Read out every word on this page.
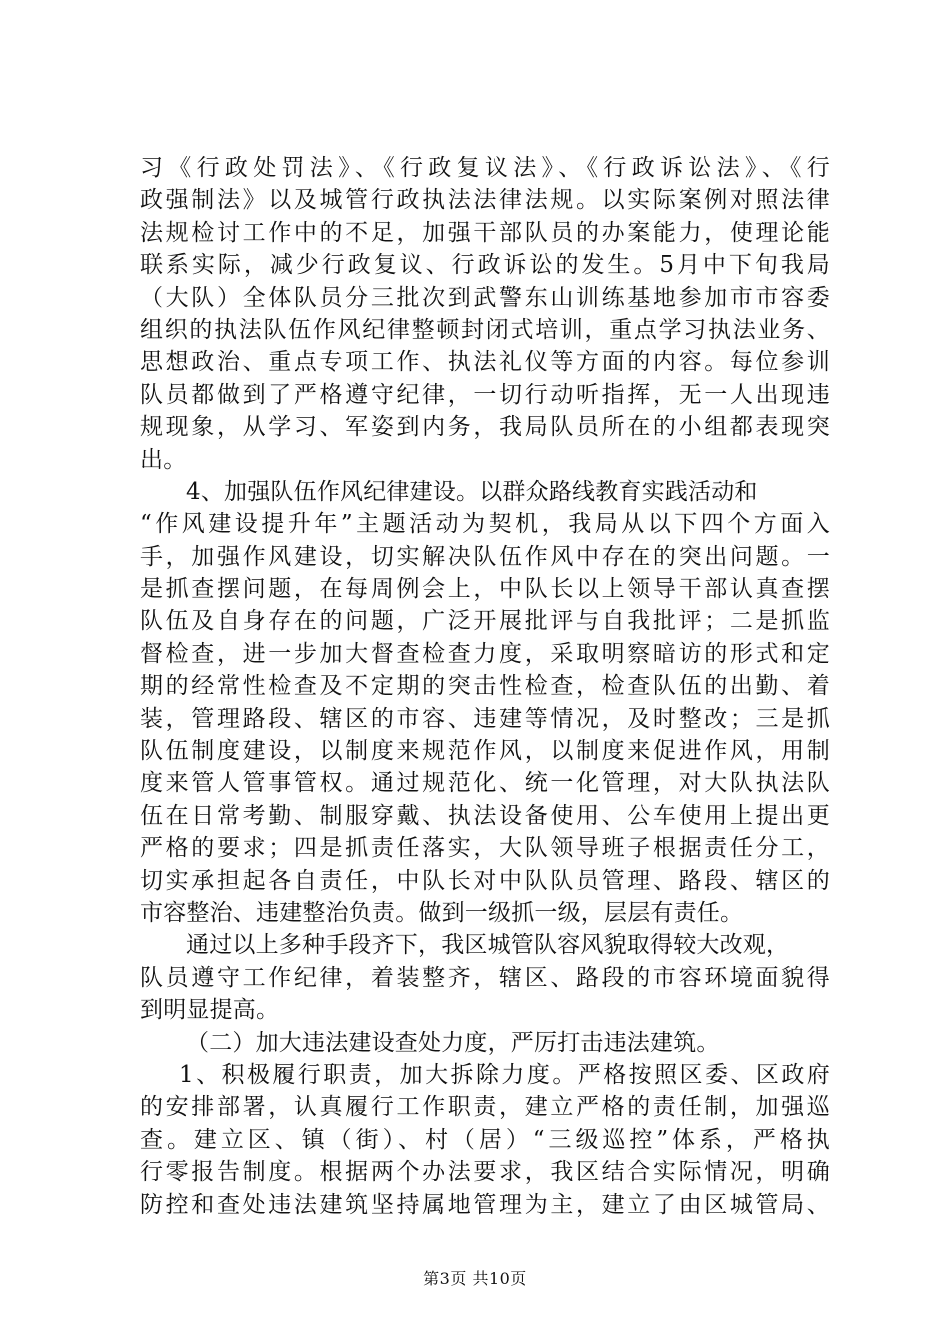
习《行政处罚法》、《行政复议法》、《行政诉讼法》、《行
政强制法》以及城管行政执法法律法规。以实际案例对照法律
法规检讨工作中的不足，加强干部队员的办案能力，使理论能
联系实际，减少行政复议、行政诉讼的发生。5月中下旬我局
（大队）全体队员分三批次到武警东山训练基地参加市市容委
组织的执法队伍作风纪律整顿封闭式培训，重点学习执法业务、
思想政治、重点专项工作、执法礼仪等方面的内容。每位参训
队员都做到了严格遵守纪律，一切行动听指挥，无一人出现违
规现象，从学习、军姿到内务，我局队员所在的小组都表现突
出。
4、加强队伍作风纪律建设。以群众路线教育实践活动和
“作风建设提升年”主题活动为契机，我局从以下四个方面入
手，加强作风建设，切实解决队伍作风中存在的突出问题。一
是抓查摆问题，在每周例会上，中队长以上领导干部认真查摆
队伍及自身存在的问题，广泛开展批评与自我批评；二是抓监
督检查，进一步加大督查检查力度，采取明察暗访的形式和定
期的经常性检查及不定期的突击性检查，检查队伍的出勤、着
装，管理路段、辖区的市容、违建等情况，及时整改；三是抓
队伍制度建设，以制度来规范作风，以制度来促进作风，用制
度来管人管事管权。通过规范化、统一化管理，对大队执法队
伍在日常考勤、制服穿戴、执法设备使用、公车使用上提出更
严格的要求；四是抓责任落实，大队领导班子根据责任分工，
切实承担起各自责任，中队长对中队队员管理、路段、辖区的
市容整治、违建整治负责。做到一级抓一级，层层有责任。
通过以上多种手段齐下，我区城管队容风貌取得较大改观，
队员遵守工作纪律，着装整齐，辖区、路段的市容环境面貌得
到明显提高。
（二）加大违法建设查处力度，严厉打击违法建筑。
1、积极履行职责，加大拆除力度。严格按照区委、区政府
的安排部署，认真履行工作职责，建立严格的责任制，加强巡
查。建立区、镇（街）、村（居）“三级巡控”体系，严格执
行零报告制度。根据两个办法要求，我区结合实际情况，明确
防控和查处违法建筑坚持属地管理为主，建立了由区城管局、
第3页 共10页
